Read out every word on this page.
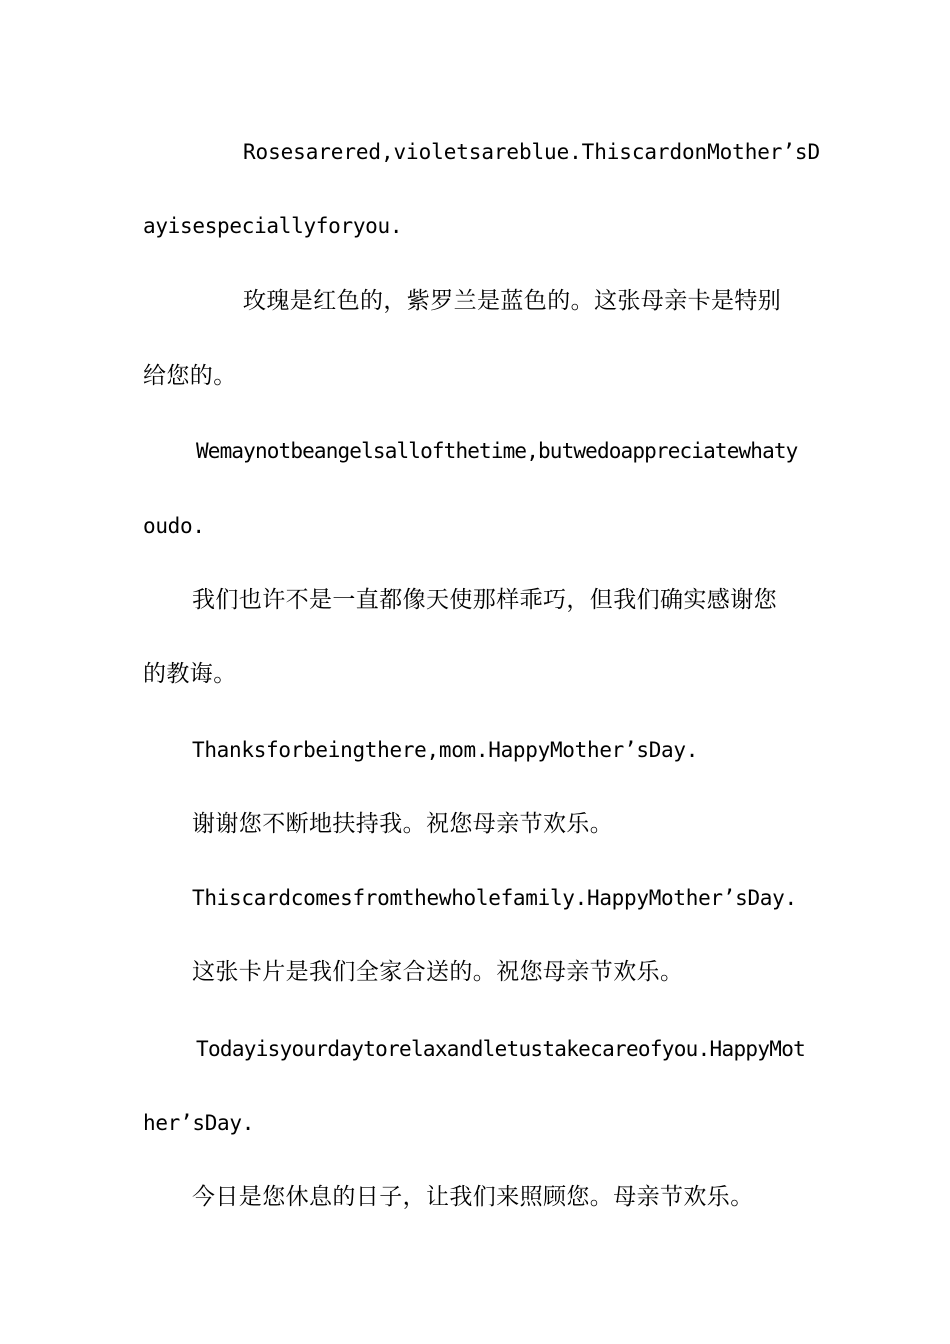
Rosesarered,violetsareblue.ThiscardonMother’sD
ayisespeciallyforyou.
玫瑰是红色的，紫罗兰是蓝色的。这张母亲卡是特别
给您的。
Wemaynotbeangelsallofthetime,butwedoappreciatewhaty
oudo.
我们也许不是一直都像天使那样乖巧，但我们确实感谢您
的教诲。
Thanksforbeingthere,mom.HappyMother’sDay.
谢谢您不断地扶持我。祝您母亲节欢乐。
Thiscardcomesfromthewholefamily.HappyMother’sDay.
这张卡片是我们全家合送的。祝您母亲节欢乐。
Todayisyourdaytorelaxandletustakecareofyou.HappyMot
her’sDay.
今日是您休息的日子，让我们来照顾您。母亲节欢乐。
